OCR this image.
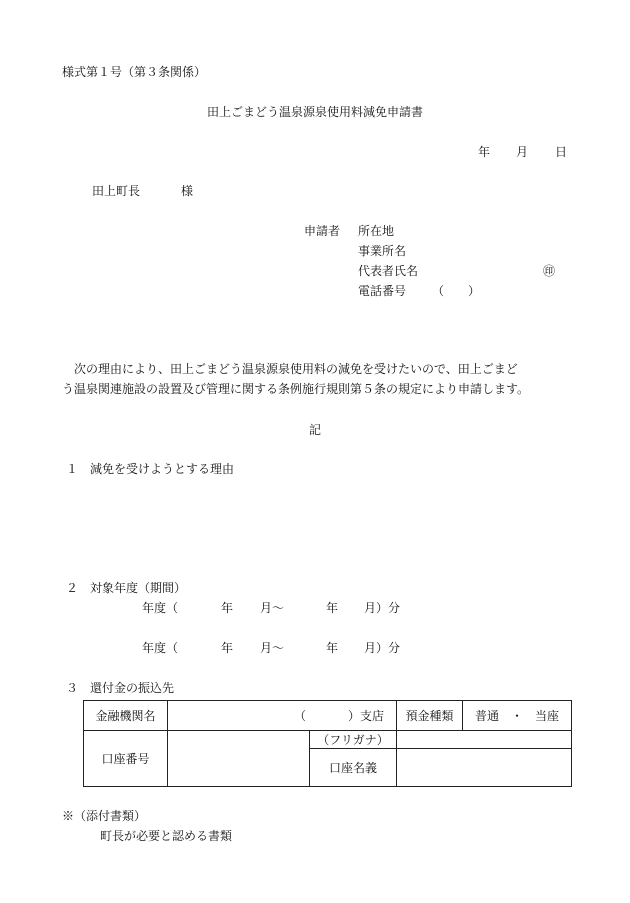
様式第１号（第３条関係）
田上ごまどう温泉源泉使用料減免申請書
年 月 日
田上町長	様
申請者 所在地
事業所名
代表者氏名	㊞
電話番号 （　　）
　次の理由により、田上ごまどう温泉源泉使用料の減免を受けたいので、田上ごまど
う温泉関連施設の設置及び管理に関する条例施行規則第５条の規定により申請します。
記
１ 減免を受けようとする理由
２ 対象年度（期間）
年度（	年 月～	年 月）分
年度（	年 月～	年 月）分
３ 還付金の振込先
金融機関名	（ ）支店		預金種類	普通　・　当座
口座番号		（フリガナ）		
		口座名義		
※（添付書類）
町長が必要と認める書類
